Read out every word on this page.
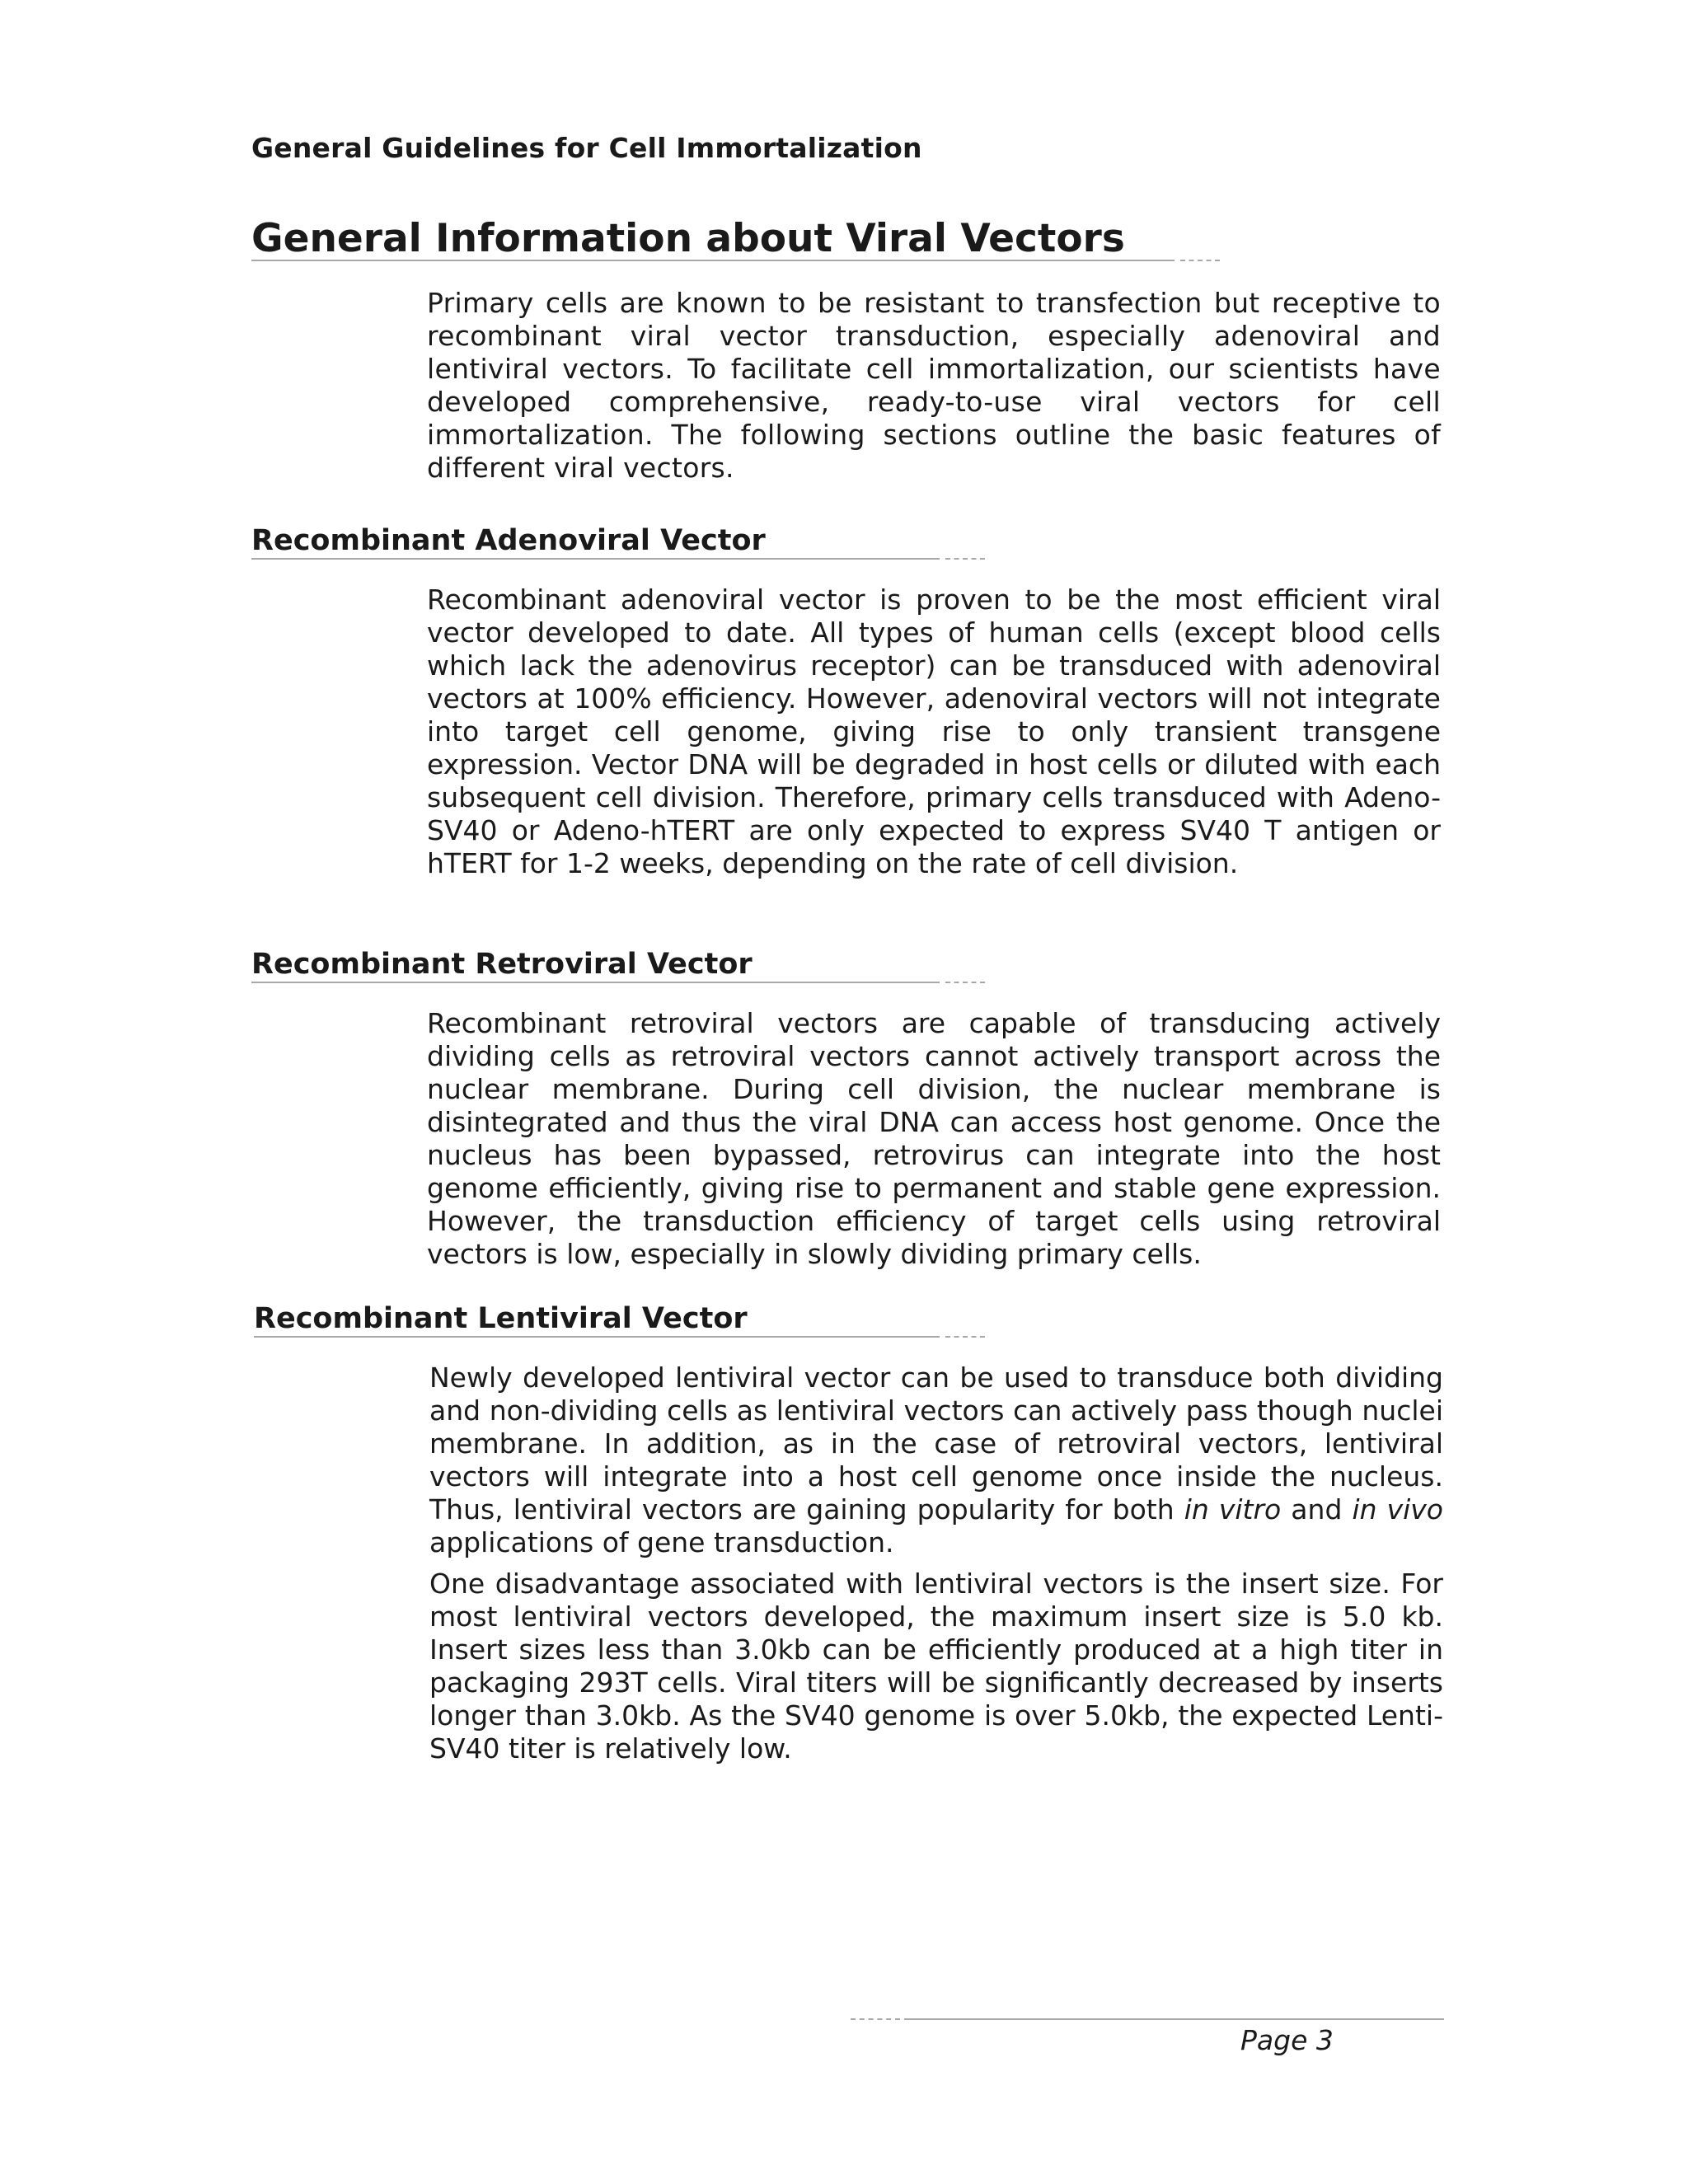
General Guidelines for Cell Immortalization
General Information about Viral Vectors

Primary cells are known to be resistant to transfection but receptive to recombinant viral vector transduction, especially adenoviral and lentiviral vectors. To facilitate cell immortalization, our scientists have developed comprehensive, ready-to-use viral vectors for cell immortalization. The following sections outline the basic features of different viral vectors.

Recombinant Adenoviral Vector

Recombinant adenoviral vector is proven to be the most efficient viral vector developed to date. All types of human cells (except blood cells which lack the adenovirus receptor) can be transduced with adenoviral vectors at 100% efficiency. However, adenoviral vectors will not integrate into target cell genome, giving rise to only transient transgene expression. Vector DNA will be degraded in host cells or diluted with each subsequent cell division. Therefore, primary cells transduced with Adeno-SV40 or Adeno-hTERT are only expected to express SV40 T antigen or hTERT for 1-2 weeks, depending on the rate of cell division.

Recombinant Retroviral Vector

Recombinant retroviral vectors are capable of transducing actively dividing cells as retroviral vectors cannot actively transport across the nuclear membrane. During cell division, the nuclear membrane is disintegrated and thus the viral DNA can access host genome. Once the nucleus has been bypassed, retrovirus can integrate into the host genome efficiently, giving rise to permanent and stable gene expression. However, the transduction efficiency of target cells using retroviral vectors is low, especially in slowly dividing primary cells.

Recombinant Lentiviral Vector

Newly developed lentiviral vector can be used to transduce both dividing and non-dividing cells as lentiviral vectors can actively pass though nuclei membrane. In addition, as in the case of retroviral vectors, lentiviral vectors will integrate into a host cell genome once inside the nucleus. Thus, lentiviral vectors are gaining popularity for both in vitro and in vivo applications of gene transduction.

One disadvantage associated with lentiviral vectors is the insert size. For most lentiviral vectors developed, the maximum insert size is 5.0 kb. Insert sizes less than 3.0kb can be efficiently produced at a high titer in packaging 293T cells. Viral titers will be significantly decreased by inserts longer than 3.0kb. As the SV40 genome is over 5.0kb, the expected Lenti-SV40 titer is relatively low.

Page 3
